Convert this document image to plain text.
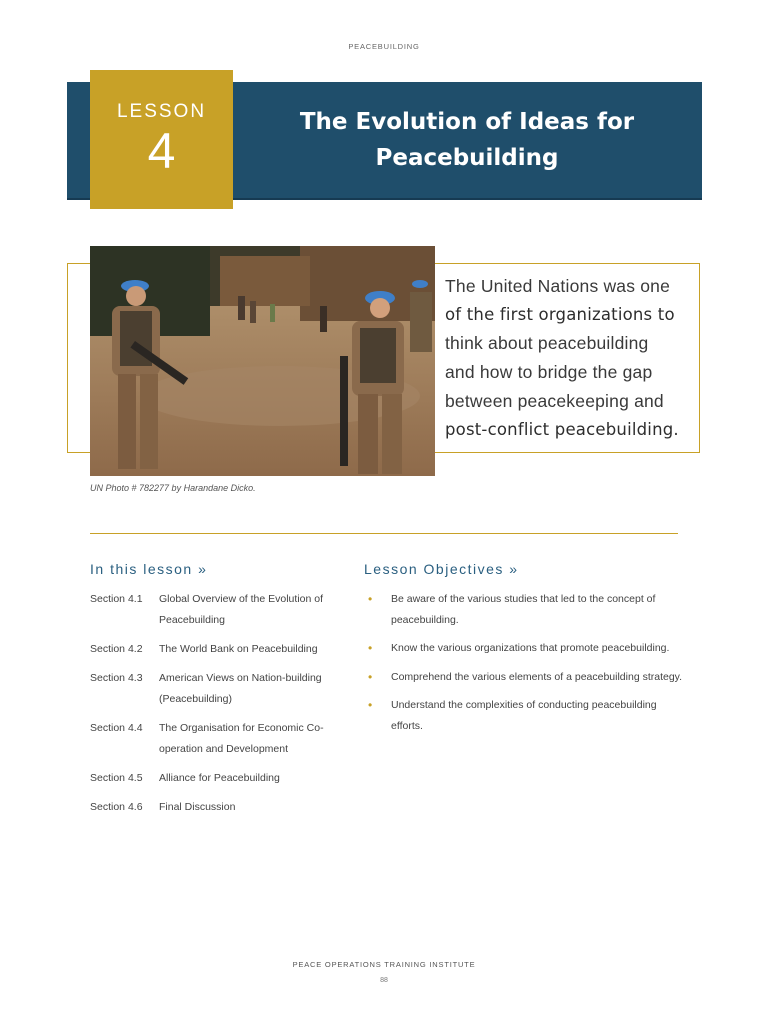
PEACEBUILDING
LESSON
4
The Evolution of Ideas for
Peacebuilding
The United Nations was one
of the first organizations to
think about peacebuilding
and how to bridge the gap
between peacekeeping and
post-conflict peacebuilding.
UN Photo # 782277 by Harandane Dicko.
In this lesson »	Lesson Objectives »
Section 4.1 Global Overview of the Evolution of Peacebuilding
Section 4.2 The World Bank on Peacebuilding
Section 4.3 American Views on Nation-building (Peacebuilding)
Section 4.4 The Organisation for Economic Co-operation and Development
Section 4.5 Alliance for Peacebuilding
Section 4.6 Final Discussion
• Be aware of the various studies that led to the concept of peacebuilding.
• Know the various organizations that promote peacebuilding.
• Comprehend the various elements of a peacebuilding strategy.
• Understand the complexities of conducting peacebuilding efforts.
PEACE OPERATIONS TRAINING INSTITUTE
88
